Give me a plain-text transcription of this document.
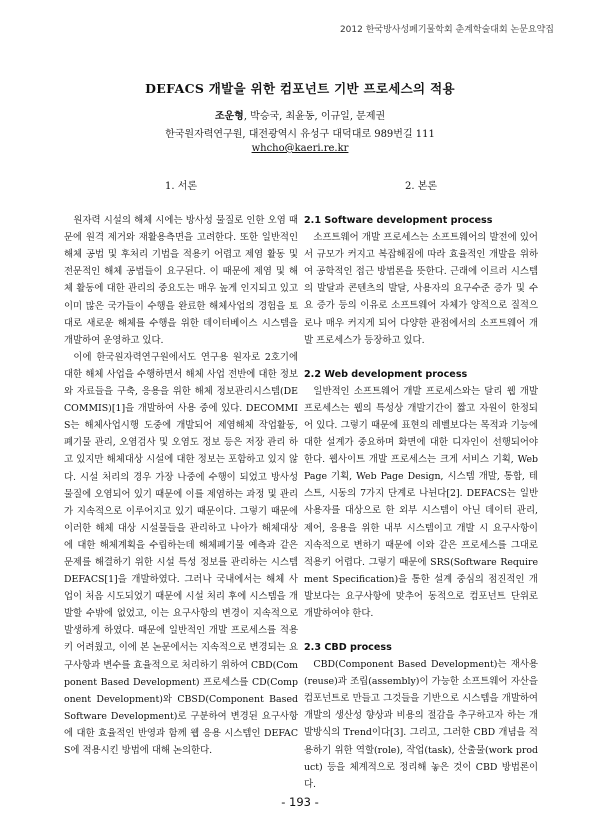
2012 한국방사성폐기물학회 춘계학술대회 논문요약집
DEFACS 개발을 위한 컴포넌트 기반 프로세스의 적용
조운형, 박승국, 최윤동, 이규일, 문제권
한국원자력연구원, 대전광역시 유성구 대덕대로 989번길 111
whcho@kaeri.re.kr

1. 서론

원자력 시설의 해체 시에는 방사성 물질로 인한 오염 때문에 원격 제거와 재활용측면을 고려한다. 또한 일반적인 해체 공법 및 후처리 기법을 적용키 어렵고 제염 활동 및 전문적인 해체 공법들이 요구된다. 이 때문에 제염 및 해체 활동에 대한 관리의 중요도는 매우 높게 인지되고 있고 이미 많은 국가들이 수행을 완료한 해체사업의 경험을 토대로 새로운 해체를 수행을 위한 데이터베이스 시스템을 개발하여 운영하고 있다.

이에 한국원자력연구원에서도 연구용 원자로 2호기에 대한 해체 사업을 수행하면서 해체 사업 전반에 대한 정보와 자료들을 구축, 응용을 위한 해체 정보관리시스템(DECOMMIS)[1]을 개발하여 사용 중에 있다. DECOMMIS는 해체사업시행 도중에 개발되어 제염해체 작업활동, 폐기물 관리, 오염검사 및 오염도 정보 등은 저장 관리 하고 있지만 해체대상 시설에 대한 정보는 포함하고 있지 않다. 시설 처리의 경우 가장 나중에 수행이 되었고 방사성 물질에 오염되어 있기 때문에 이를 제염하는 과정 및 관리가 지속적으로 이루어지고 있기 때문이다. 그렇기 때문에 이러한 해체 대상 시설물들을 관리하고 나아가 해체대상에 대한 해체계획을 수립하는데 해체폐기물 예측과 같은 문제를 해결하기 위한 시설 특성 정보를 관리하는 시스템 DEFACS[1]을 개발하였다. 그러나 국내에서는 해체 사업이 처음 시도되었기 때문에 시설 처리 후에 시스템을 개발할 수밖에 없었고, 이는 요구사항의 변경이 지속적으로 발생하게 하였다. 때문에 일반적인 개발 프로세스를 적용키 어려웠고, 이에 본 논문에서는 지속적으로 변경되는 요구사항과 변수를 효율적으로 처리하기 위하여 CBD(Component Based Development) 프로세스를 CD(Component Development)와 CBSD(Component Based Software Development)로 구분하여 변경된 요구사항에 대한 효율적인 반영과 함께 웹 응용 시스템인 DEFACS에 적용시킨 방법에 대해 논의한다.

2. 본론

2.1 Software development process

소프트웨어 개발 프로세스는 소프트웨어의 발전에 있어서 규모가 커지고 복잡해짐에 따라 효율적인 개발을 위하여 공학적인 접근 방법론을 뜻한다. 근래에 이르러 시스템의 발달과 콘텐츠의 발달, 사용자의 요구수준 증가 및 수요 증가 등의 이유로 소프트웨어 자체가 양적으로 질적으로나 매우 커지게 되어 다양한 관점에서의 소프트웨어 개발 프로세스가 등장하고 있다.

2.2 Web development process

일반적인 소프트웨어 개발 프로세스와는 달리 웹 개발 프로세스는 웹의 특성상 개발기간이 짧고 자원이 한정되어 있다. 그렇기 때문에 표현의 레벨보다는 목적과 기능에 대한 설계가 중요하며 화면에 대한 디자인이 선행되어야 한다. 웹사이트 개발 프로세스는 크게 서비스 기획, Web Page 기획, Web Page Design, 시스템 개발, 통합, 테스트, 시동의 7가지 단계로 나뉜다[2]. DEFACS는 일반 사용자를 대상으로 한 외부 시스템이 아닌 데이터 관리, 제어, 응용을 위한 내부 시스템이고 개발 시 요구사항이 지속적으로 변하기 때문에 이와 같은 프로세스를 그대로 적용키 어렵다. 그렇기 때문에 SRS(Software Requirement Specification)을 통한 설계 중심의 점진적인 개발보다는 요구사항에 맞추어 동적으로 컴포넌트 단위로 개발하여야 한다.

2.3 CBD process

CBD(Component Based Development)는 재사용(reuse)과 조립(assembly)이 가능한 소프트웨어 자산을 컴포넌트로 만들고 그것들을 기반으로 시스템을 개발하여 개발의 생산성 향상과 비용의 절감을 추구하고자 하는 개발방식의 Trend이다[3]. 그리고, 그러한 CBD 개념을 적용하기 위한 역할(role), 작업(task), 산출물(work product) 등을 체계적으로 정리해 놓은 것이 CBD 방법론이다.

- 193 -
